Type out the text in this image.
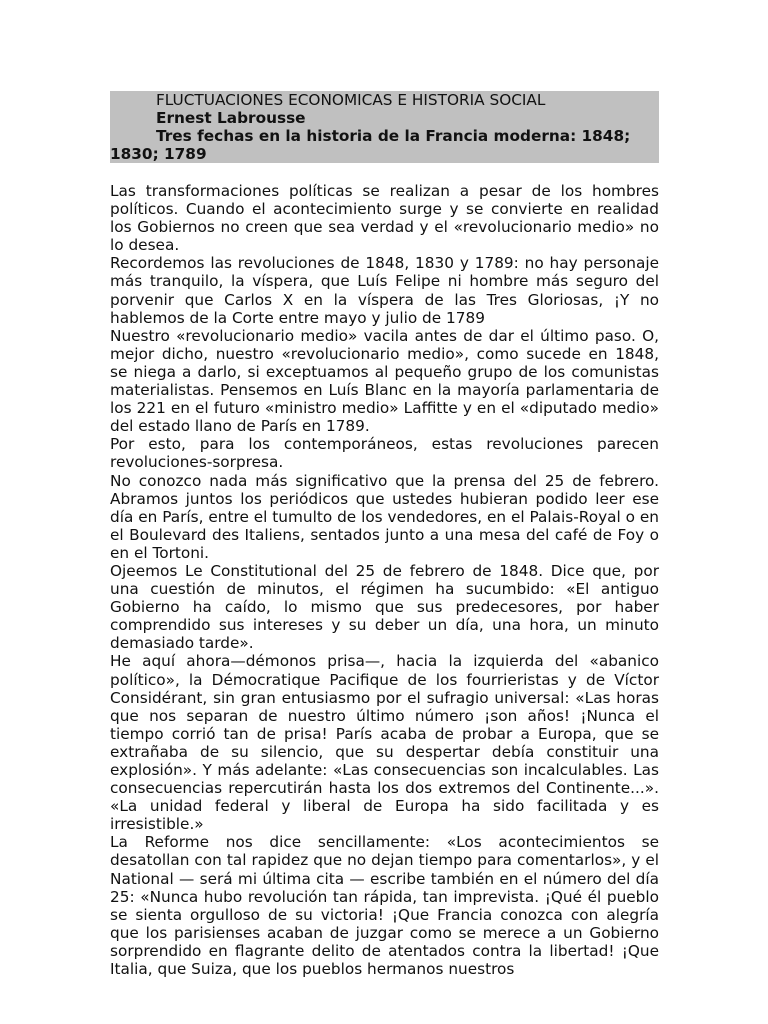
FLUCTUACIONES ECONOMICAS E HISTORIA SOCIAL
Ernest Labrousse
Tres fechas en la historia de la Francia moderna: 1848;
1830; 1789

Las transformaciones políticas se realizan a pesar de los hombres políticos. Cuando el acontecimiento surge y se convierte en realidad los Gobiernos no creen que sea verdad y el «revolucionario medio» no lo desea.

Recordemos las revoluciones de 1848, 1830 y 1789: no hay personaje más tranquilo, la víspera, que Luís Felipe ni hombre más seguro del porvenir que Carlos X en la víspera de las Tres Gloriosas, ¡Y no hablemos de la Corte entre mayo y julio de 1789

Nuestro «revolucionario medio» vacila antes de dar el último paso. O, mejor dicho, nuestro «revolucionario medio», como sucede en 1848, se niega a darlo, si exceptuamos al pequeño grupo de los comunistas materialistas. Pensemos en Luís Blanc en la mayoría parlamentaria de los 221 en el futuro «ministro medio» Laffitte y en el «diputado medio» del estado llano de París en 1789.

Por esto, para los contemporáneos, estas revoluciones parecen revoluciones-sorpresa.

No conozco nada más significativo que la prensa del 25 de febrero. Abramos juntos los periódicos que ustedes hubieran podido leer ese día en París, entre el tumulto de los vendedores, en el Palais-Royal o en el Boulevard des Italiens, sentados junto a una mesa del café de Foy o en el Tortoni.

Ojeemos Le Constitutional del 25 de febrero de 1848. Dice que, por una cuestión de minutos, el régimen ha sucumbido: «El antiguo Gobierno ha caído, lo mismo que sus predecesores, por haber comprendido sus intereses y su deber un día, una hora, un minuto demasiado tarde».

He aquí ahora—démonos prisa—, hacia la izquierda del «abanico político», la Démocratique Pacifique de los fourrieristas y de Víctor Considérant, sin gran entusiasmo por el sufragio universal: «Las horas que nos separan de nuestro último número ¡son años! ¡Nunca el tiempo corrió tan de prisa! París acaba de probar a Europa, que se extrañaba de su silencio, que su despertar debía constituir una explosión». Y más adelante: «Las consecuencias son incalculables. Las consecuencias repercutirán hasta los dos extremos del Continente...». «La unidad federal y liberal de Europa ha sido facilitada y es irresistible.»

La Reforme nos dice sencillamente: «Los acontecimientos se desatollan con tal rapidez que no dejan tiempo para comentarlos», y el National — será mi última cita — escribe también en el número del día 25: «Nunca hubo revolución tan rápida, tan imprevista. ¡Qué él pueblo se sienta orgulloso de su victoria! ¡Que Francia conozca con alegría que los parisienses acaban de juzgar como se merece a un Gobierno sorprendido en flagrante delito de atentados contra la libertad! ¡Que Italia, que Suiza, que los pueblos hermanos nuestros
